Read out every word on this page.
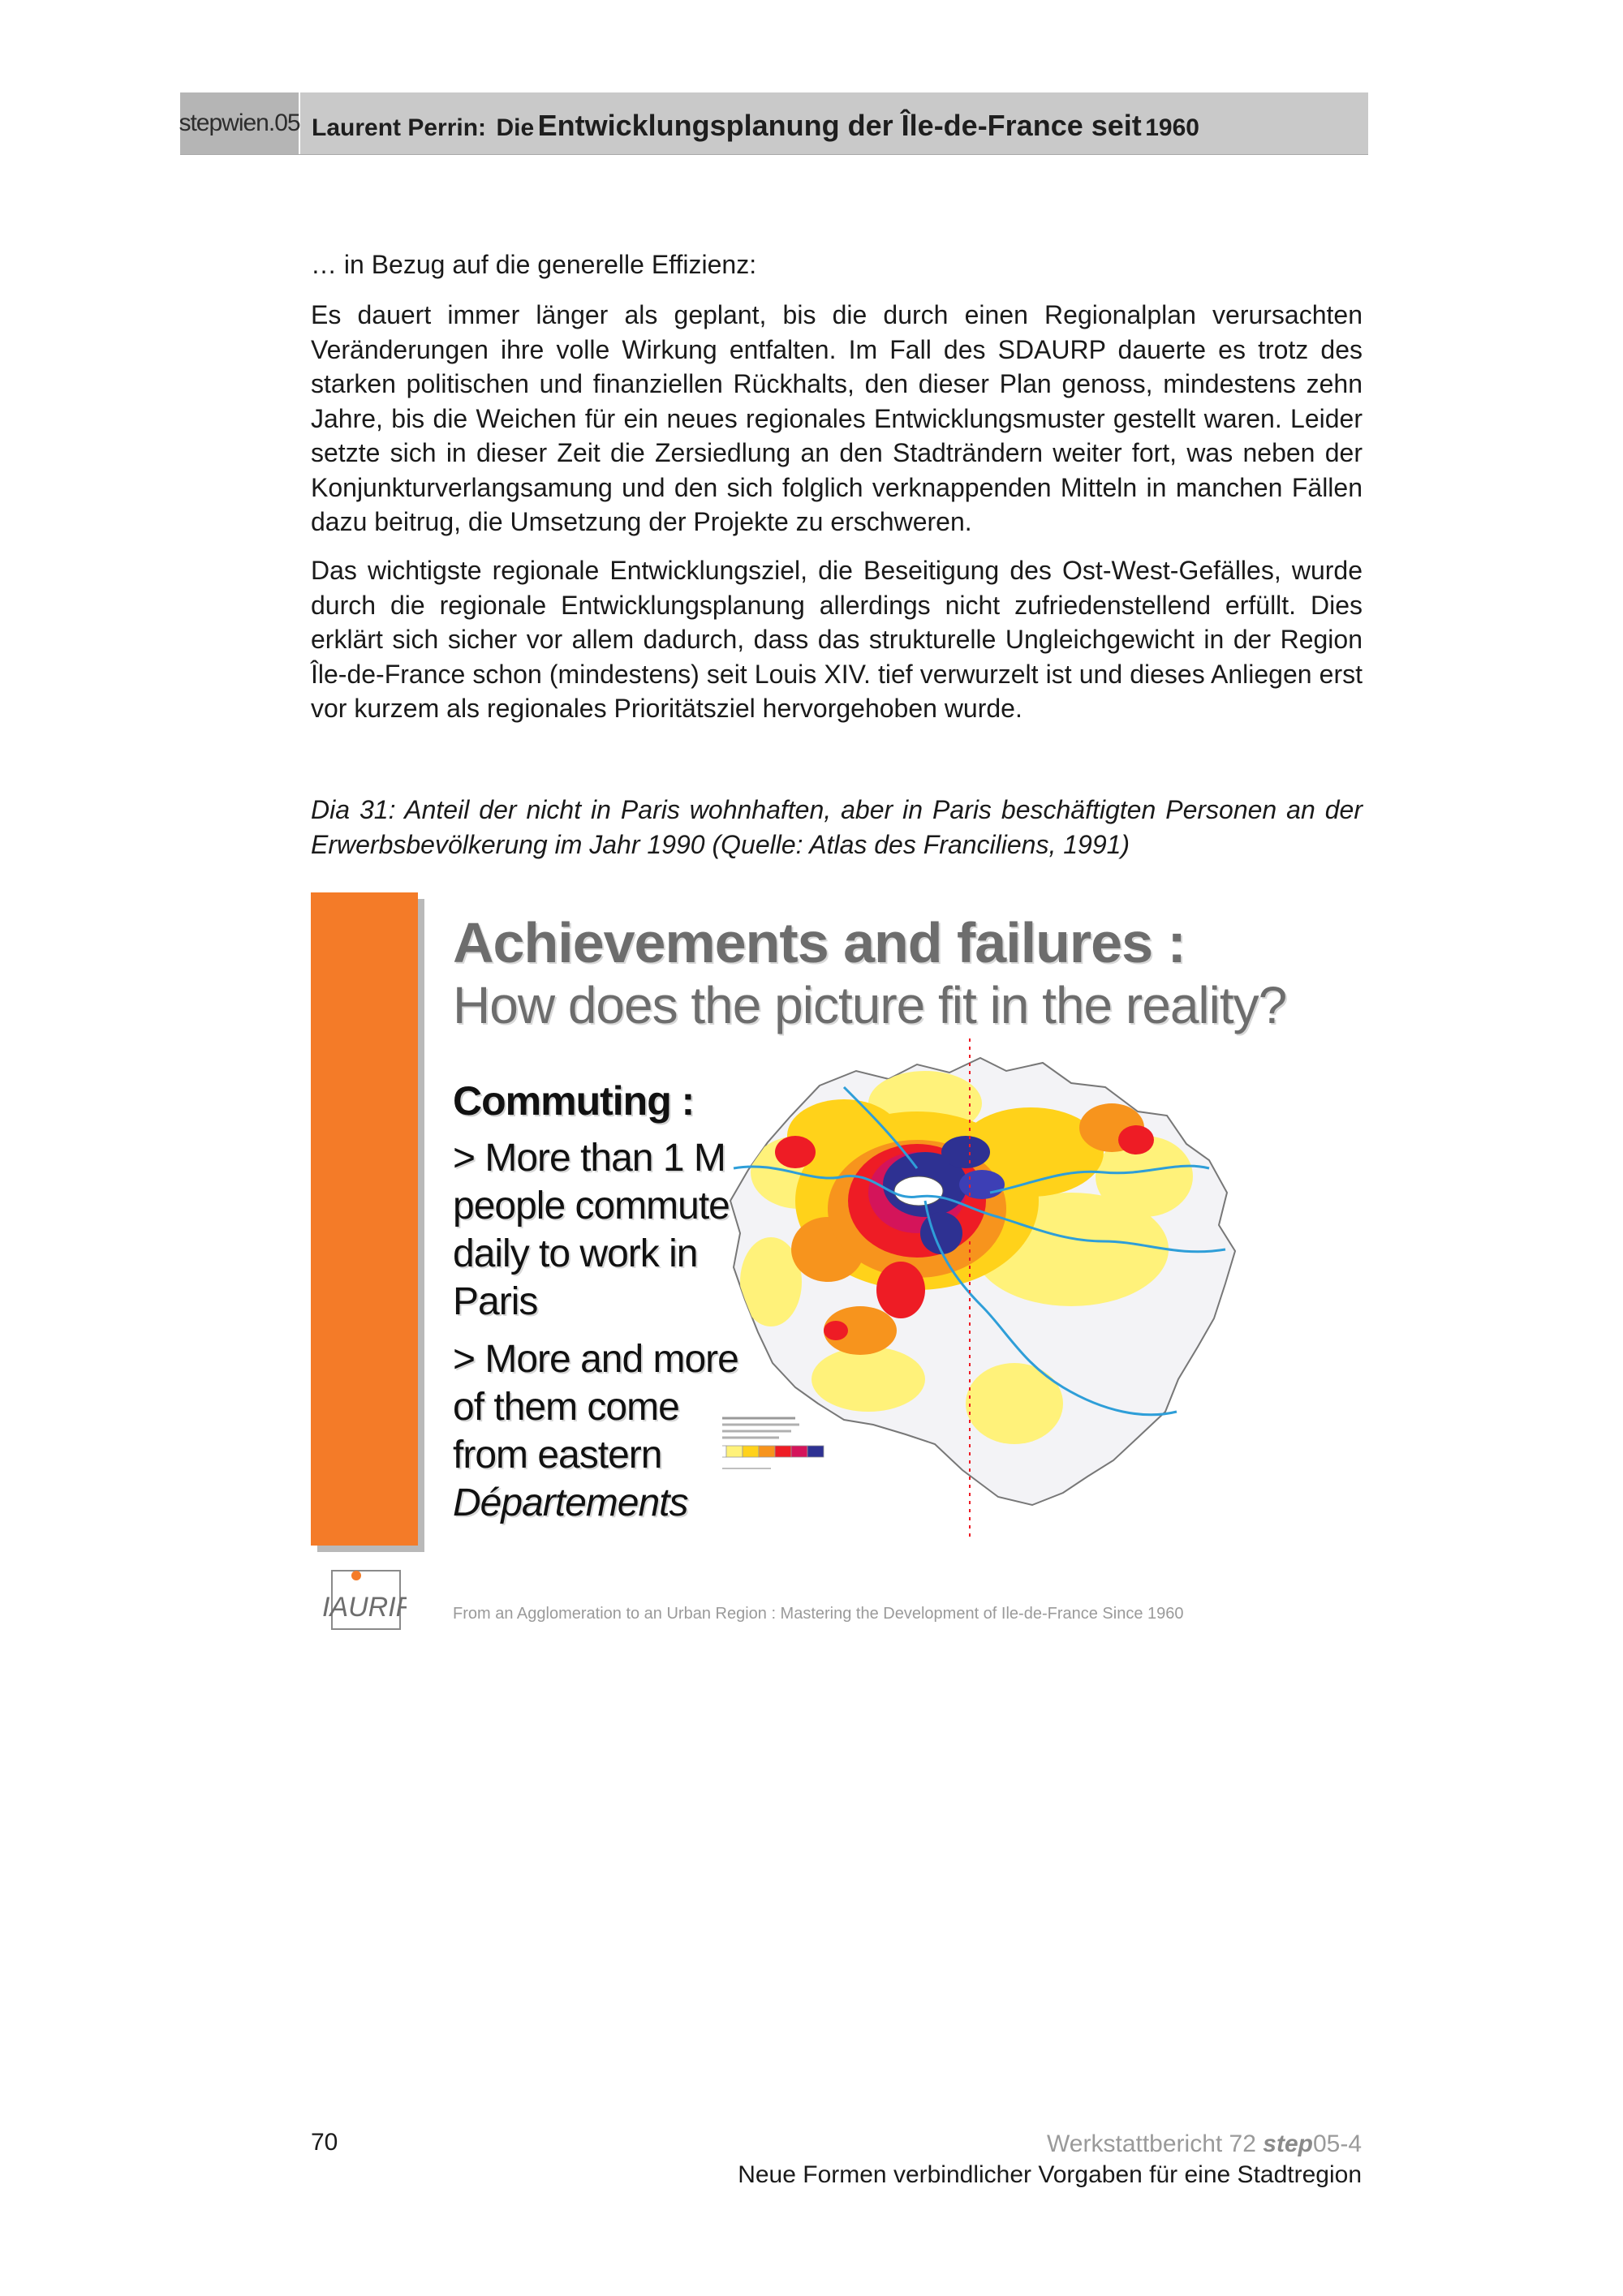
stepwien.05 Laurent Perrin: Die Entwicklungsplanung der Île-de-France seit 1960
… in Bezug auf die generelle Effizienz:
Es dauert immer länger als geplant, bis die durch einen Regionalplan verursachten Veränderungen ihre volle Wirkung entfalten. Im Fall des SDAURP dauerte es trotz des starken politischen und finanziellen Rückhalts, den dieser Plan genoss, mindestens zehn Jahre, bis die Weichen für ein neues regionales Entwicklungsmuster gestellt waren. Leider setzte sich in dieser Zeit die Zersiedlung an den Stadträndern weiter fort, was neben der Konjunkturverlangsamung und den sich folglich verknappenden Mitteln in manchen Fällen dazu beitrug, die Umsetzung der Projekte zu erschweren.
Das wichtigste regionale Entwicklungsziel, die Beseitigung des Ost-West-Gefälles, wurde durch die regionale Entwicklungsplanung allerdings nicht zufriedenstellend erfüllt. Dies erklärt sich sicher vor allem dadurch, dass das strukturelle Ungleichgewicht in der Region Île-de-France schon (mindestens) seit Louis XIV. tief verwurzelt ist und dieses Anliegen erst vor kurzem als regionales Prioritätsziel hervorgehoben wurde.
Dia 31: Anteil der nicht in Paris wohnhaften, aber in Paris beschäftigten Personen an der Erwerbsbevölkerung im Jahr 1990 (Quelle: Atlas des Franciliens, 1991)
Achievements and failures :
How does the picture fit in the reality?
Commuting :
> More than 1 M people commute daily to work in Paris
> More and more of them come from eastern Départements
IAURIF From an Agglomeration to an Urban Region : Mastering the Development of Ile-de-France Since 1960
70	Werkstattbericht 72 step05-4
Neue Formen verbindlicher Vorgaben für eine Stadtregion
